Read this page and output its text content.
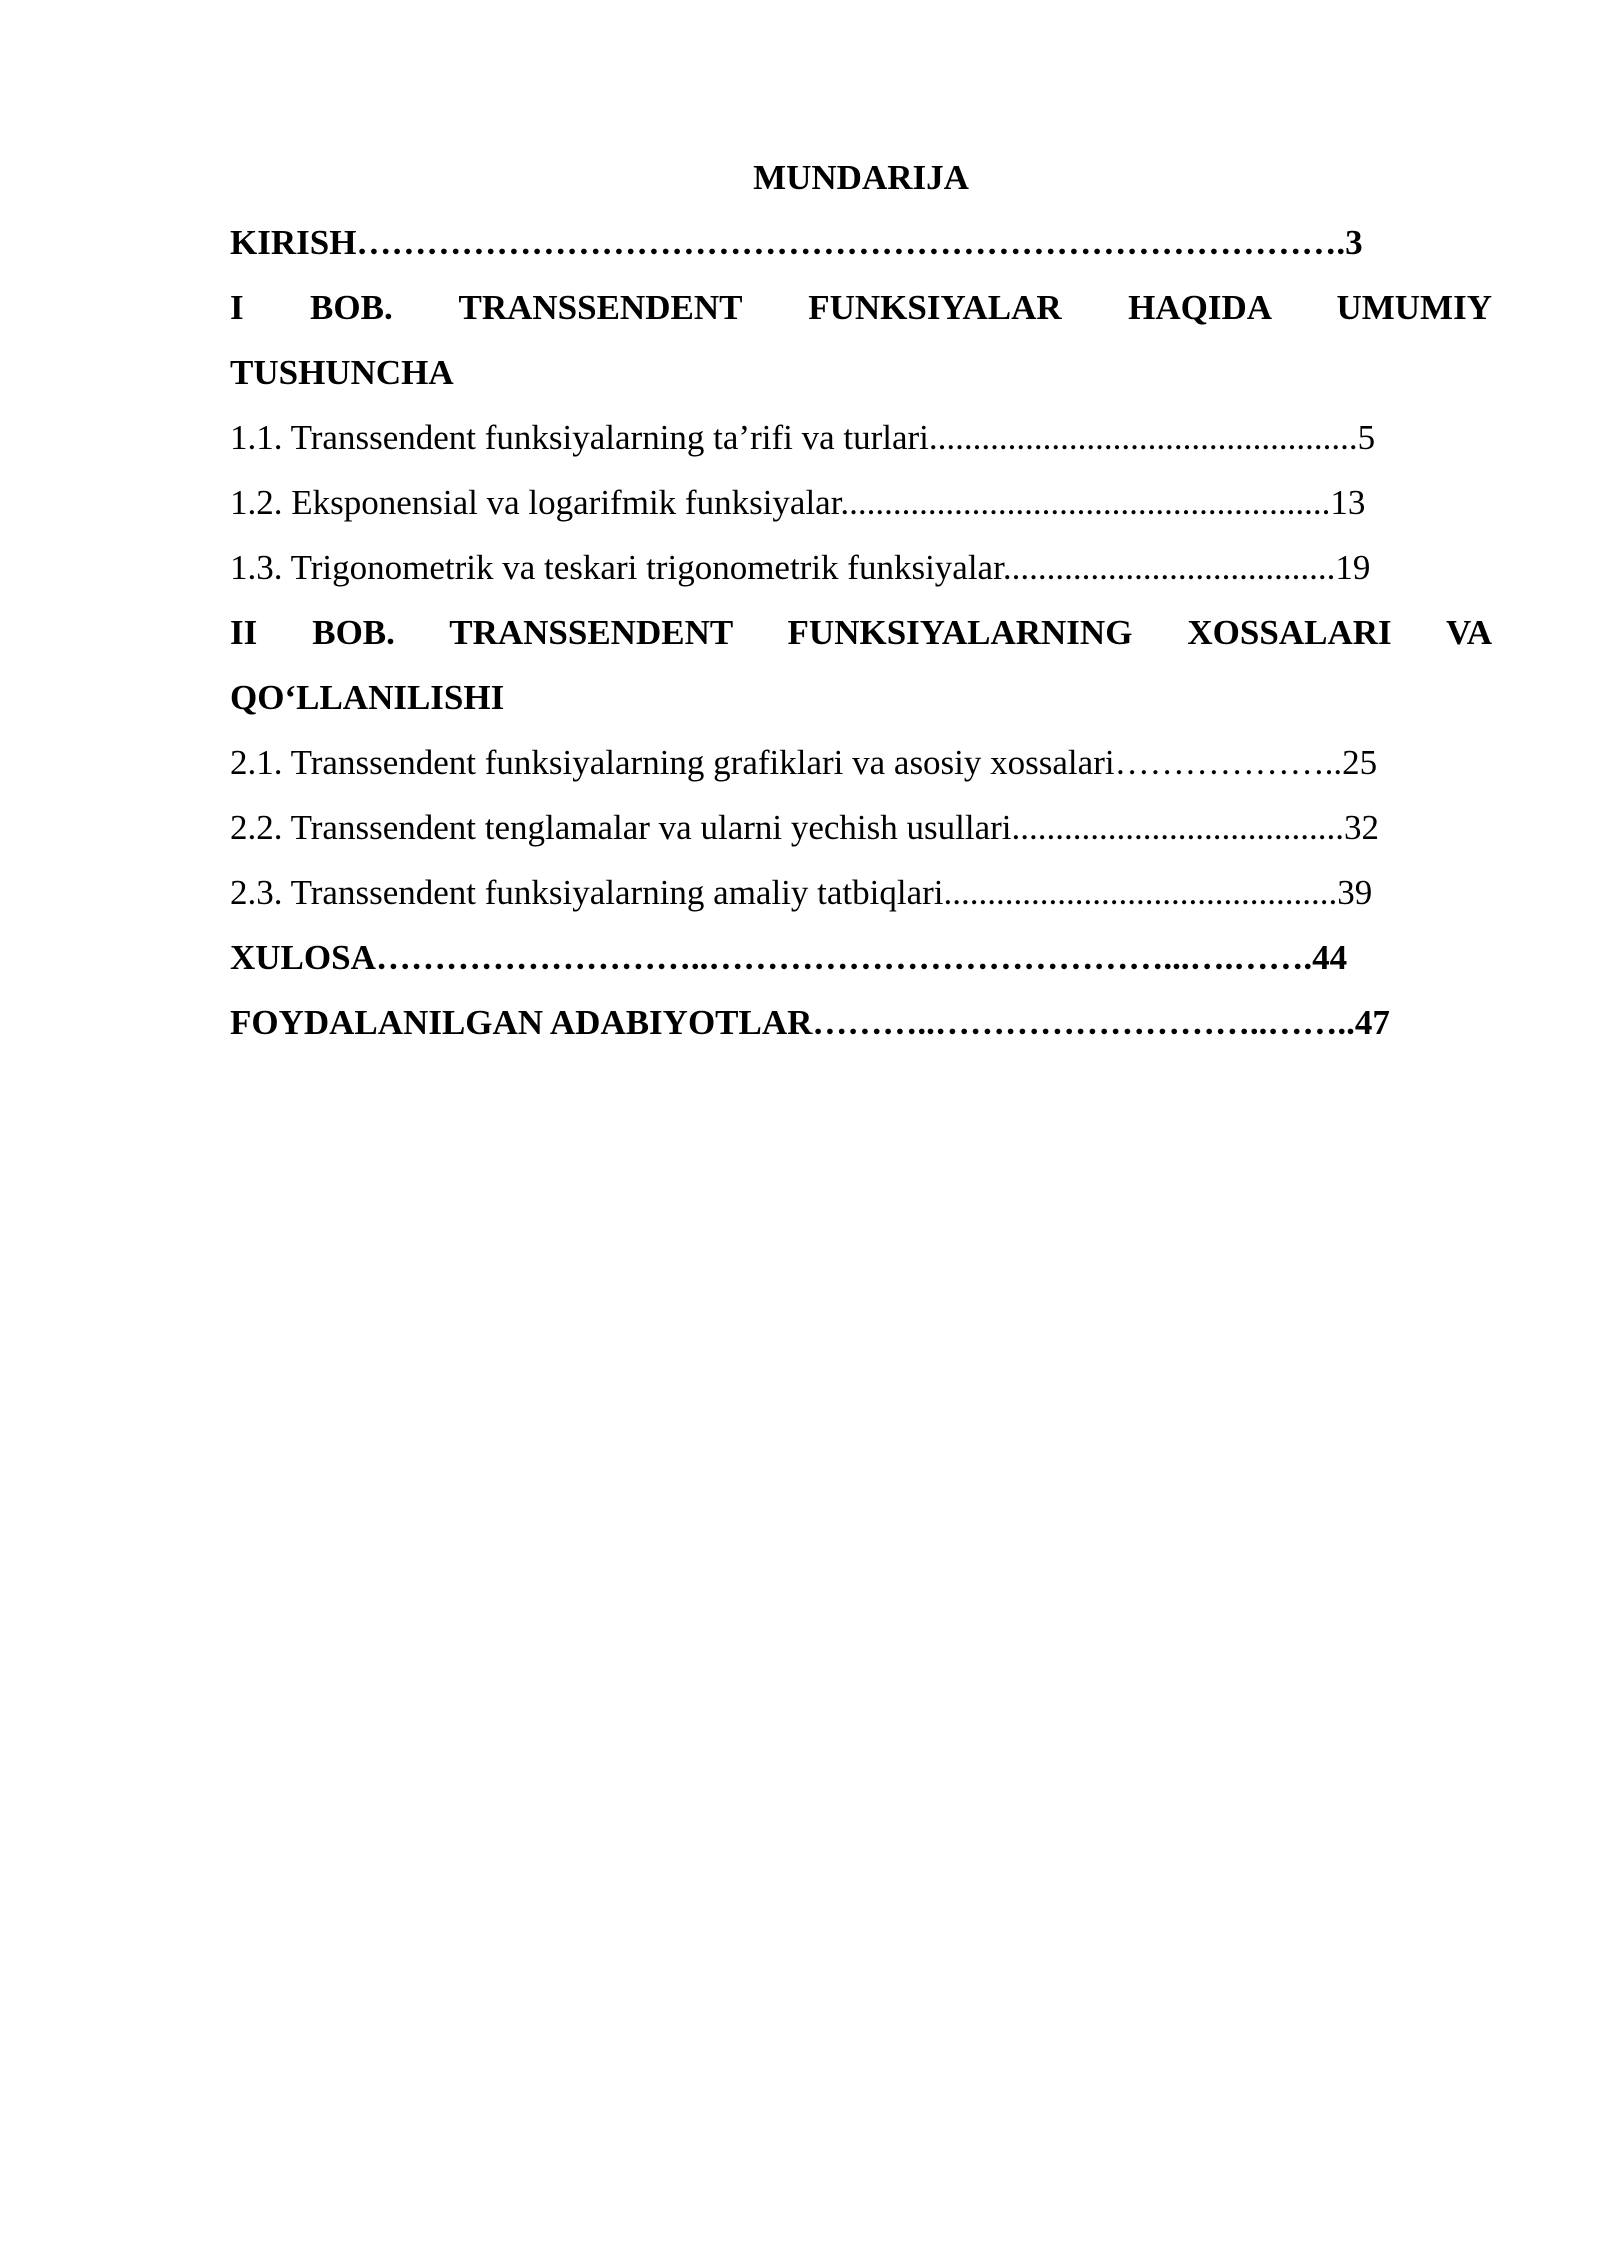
MUNDARIJA
KIRISH………………………………………………………………………….3
I BOB. TRANSSENDENT FUNKSIYALAR HAQIDA UMUMIY
TUSHUNCHA
1.1. Transsendent funksiyalarning ta’rifi va turlari.................................................5
1.2. Eksponensial va logarifmik funksiyalar........................................................13
1.3. Trigonometrik va teskari trigonometrik funksiyalar......................................19
II BOB. TRANSSENDENT FUNKSIYALARNING XOSSALARI VA
QO‘LLANILISHI
2.1. Transsendent funksiyalarning grafiklari va asosiy xossalari………………..25
2.2. Transsendent tenglamalar va ularni yechish usullari......................................32
2.3. Transsendent funksiyalarning amaliy tatbiqlari.............................................39
XULOSA………………………..…………………………………...….…….44
FOYDALANILGAN ADABIYOTLAR………..………………………..……..47
